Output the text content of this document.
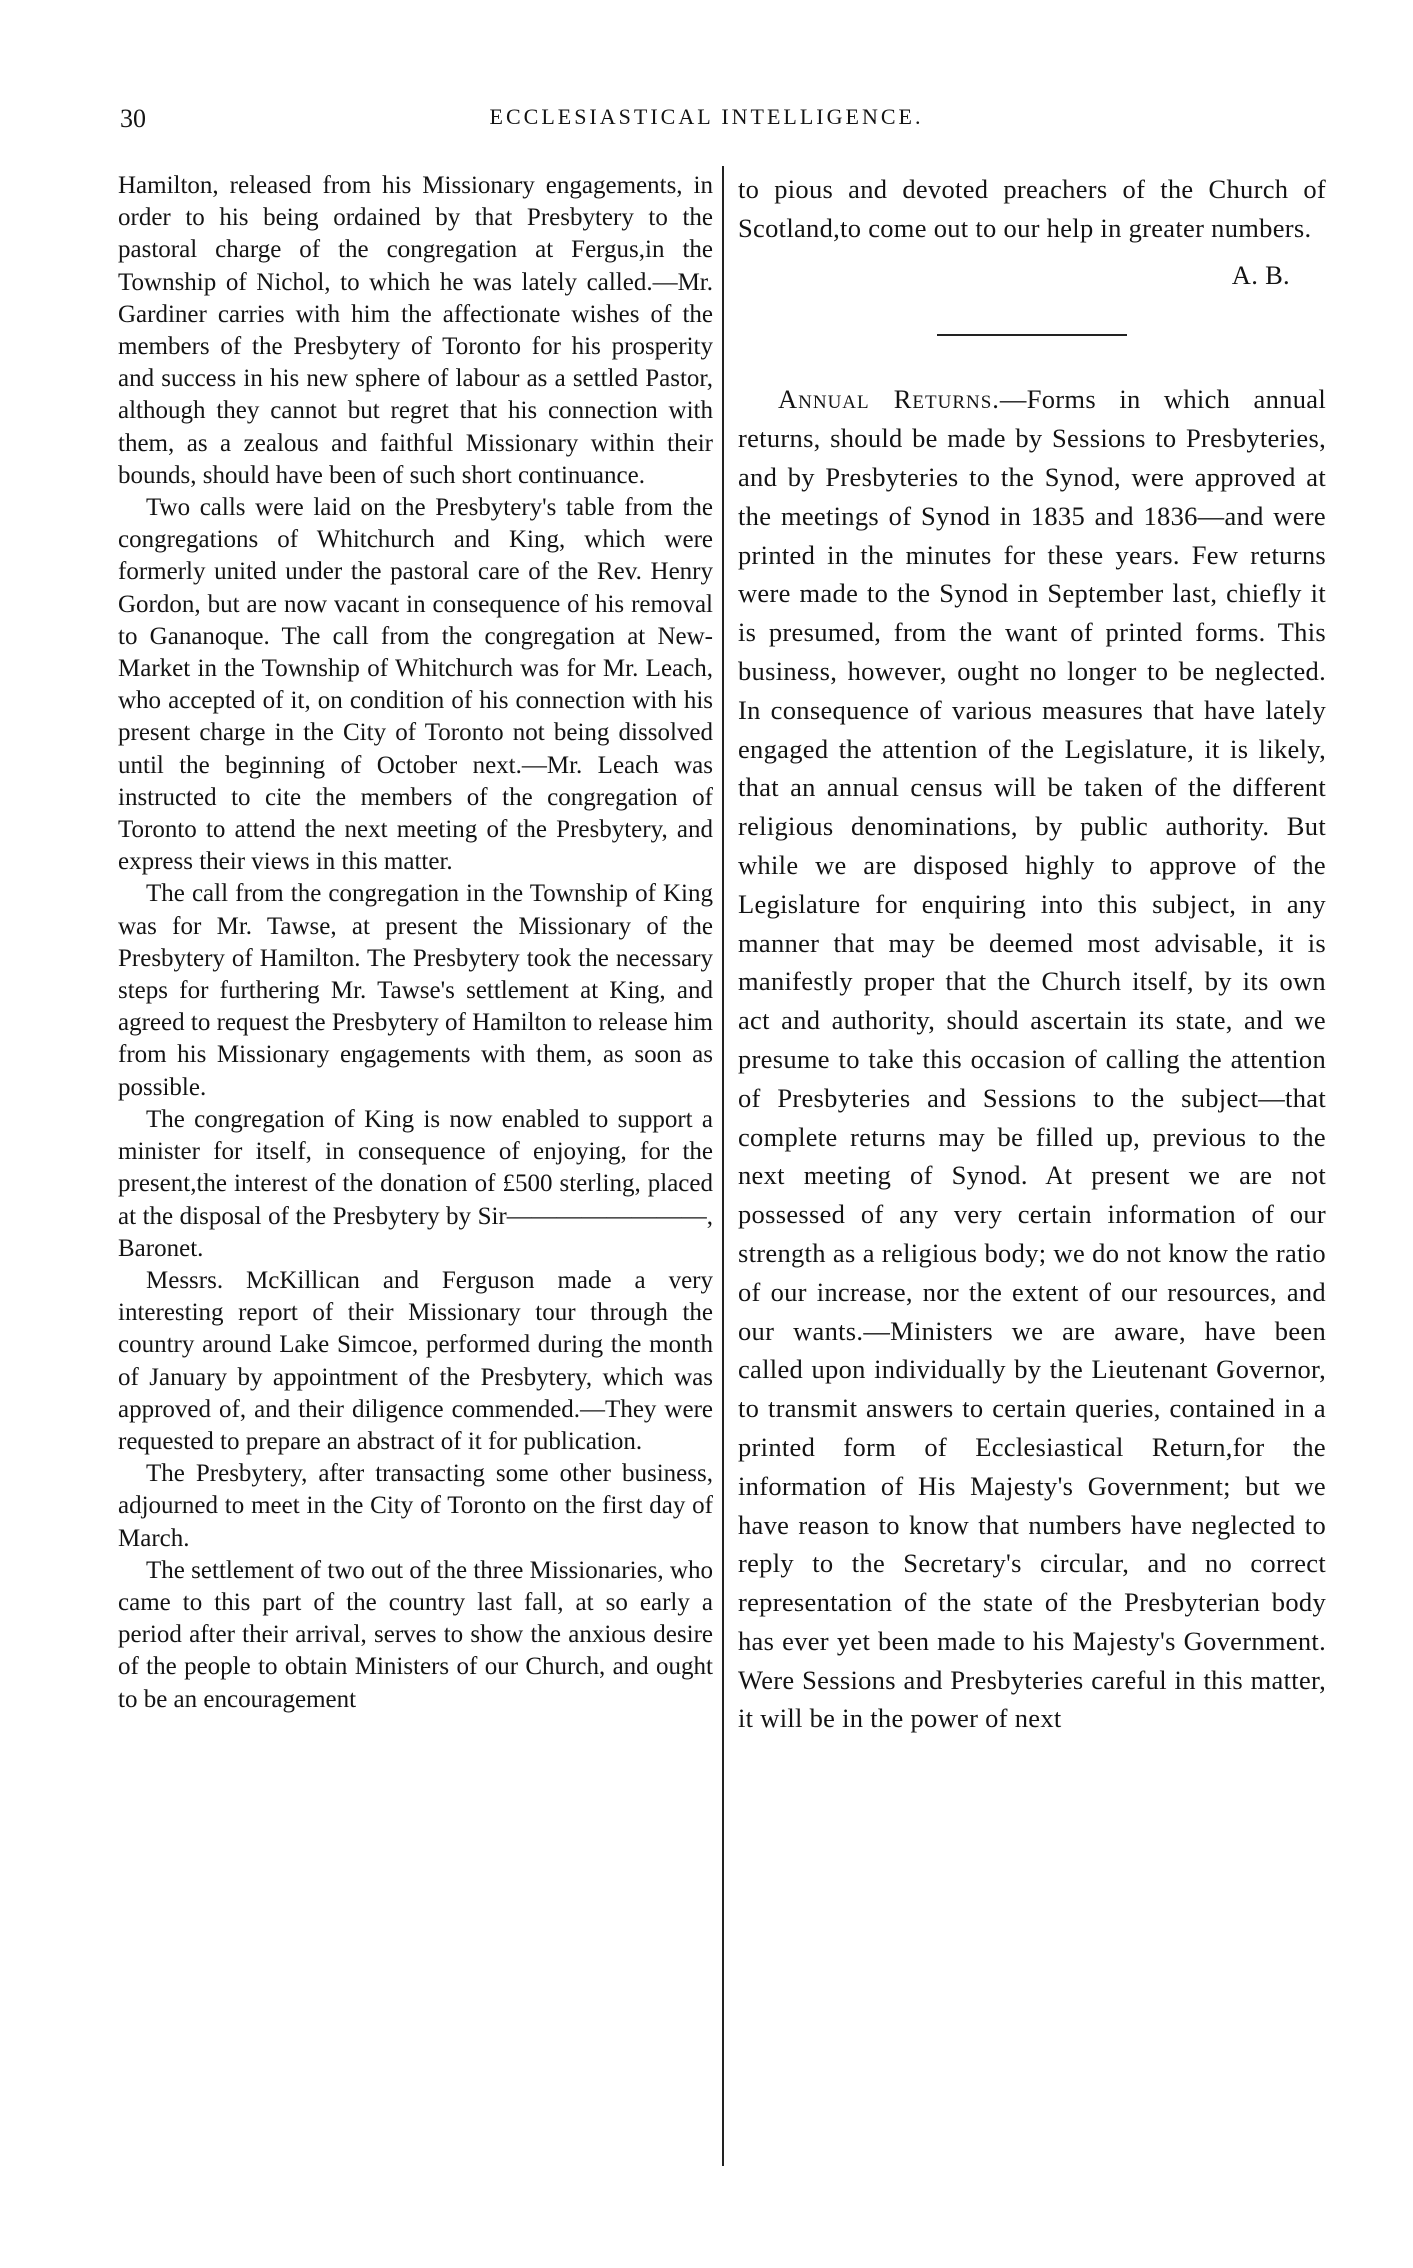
30	ECCLESIASTICAL INTELLIGENCE.

Hamilton, released from his Missionary engagements, in order to his being ordained by that Presbytery to the pastoral charge of the congregation at Fergus,in the Township of Nichol, to which he was lately called.—Mr. Gardiner carries with him the affectionate wishes of the members of the Presbytery of Toronto for his prosperity and success in his new sphere of labour as a settled Pastor, although they cannot but regret that his connection with them, as a zealous and faithful Missionary within their bounds, should have been of such short continuance.

Two calls were laid on the Presbytery's table from the congregations of Whitchurch and King, which were formerly united under the pastoral care of the Rev. Henry Gordon, but are now vacant in consequence of his removal to Gananoque. The call from the congregation at New-Market in the Township of Whitchurch was for Mr. Leach, who accepted of it, on condition of his connection with his present charge in the City of Toronto not being dissolved until the beginning of October next.—Mr. Leach was instructed to cite the members of the congregation of Toronto to attend the next meeting of the Presbytery, and express their views in this matter.

The call from the congregation in the Township of King was for Mr. Tawse, at present the Missionary of the Presbytery of Hamilton. The Presbytery took the necessary steps for furthering Mr. Tawse's settlement at King, and agreed to request the Presbytery of Hamilton to release him from his Missionary engagements with them, as soon as possible.

The congregation of King is now enabled to support a minister for itself, in consequence of enjoying, for the present,the interest of the donation of £500 sterling, placed at the disposal of the Presbytery by Sir————————, Baronet.

Messrs. McKillican and Ferguson made a very interesting report of their Missionary tour through the country around Lake Simcoe, performed during the month of January by appointment of the Presbytery, which was approved of, and their diligence commended.—They were requested to prepare an abstract of it for publication.

The Presbytery, after transacting some other business, adjourned to meet in the City of Toronto on the first day of March.

The settlement of two out of the three Missionaries, who came to this part of the country last fall, at so early a period after their arrival, serves to show the anxious desire of the people to obtain Ministers of our Church, and ought to be an encouragement

to pious and devoted preachers of the Church of Scotland,to come out to our help in greater numbers.

A. B.

Annual Returns.—Forms in which annual returns, should be made by Sessions to Presbyteries, and by Presbyteries to the Synod, were approved at the meetings of Synod in 1835 and 1836—and were printed in the minutes for these years. Few returns were made to the Synod in September last, chiefly it is presumed, from the want of printed forms. This business, however, ought no longer to be neglected. In consequence of various measures that have lately engaged the attention of the Legislature, it is likely, that an annual census will be taken of the different religious denominations, by public authority. But while we are disposed highly to approve of the Legislature for enquiring into this subject, in any manner that may be deemed most advisable, it is manifestly proper that the Church itself, by its own act and authority, should ascertain its state, and we presume to take this occasion of calling the attention of Presbyteries and Sessions to the subject—that complete returns may be filled up, previous to the next meeting of Synod. At present we are not possessed of any very certain information of our strength as a religious body; we do not know the ratio of our increase, nor the extent of our resources, and our wants.—Ministers we are aware, have been called upon individually by the Lieutenant Governor, to transmit answers to certain queries, contained in a printed form of Ecclesiastical Return,for the information of His Majesty's Government; but we have reason to know that numbers have neglected to reply to the Secretary's circular, and no correct representation of the state of the Presbyterian body has ever yet been made to his Majesty's Government. Were Sessions and Presbyteries careful in this matter, it will be in the power of next
